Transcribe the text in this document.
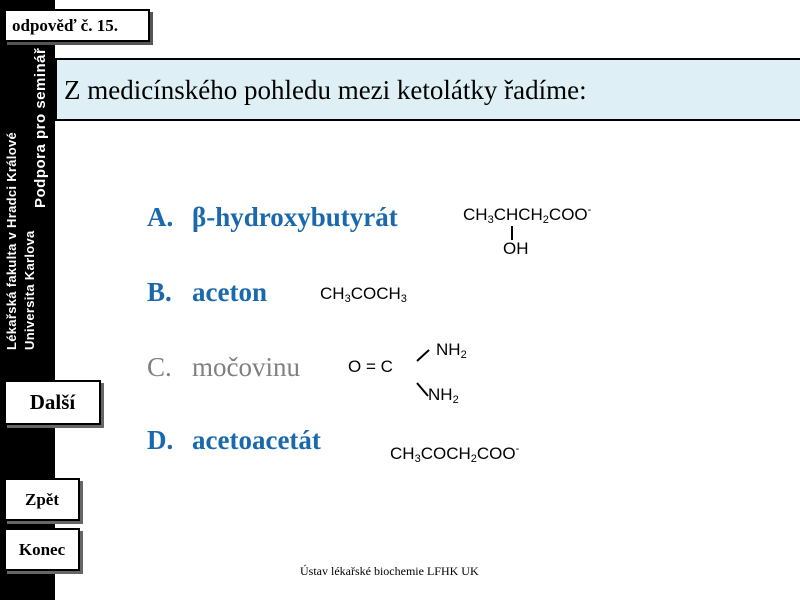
Lékařská fakulta v Hradci Králové Universita Karlova
Podpora pro seminář
odpověď č. 15.
Z medicínského pohledu mezi ketolátky řadíme:
A. β-hydroxybutyrát
B. aceton
C. močovinu
D. acetoacetát
$CH_3CHCH_2COO^-$
OH
$CH_3COCH_3$
O = C
$NH_2$
$NH_2$
$CH_3COCH_2COO^-$
Další
Zpět
Konec
Ústav lékařské biochemie LFHK UK
